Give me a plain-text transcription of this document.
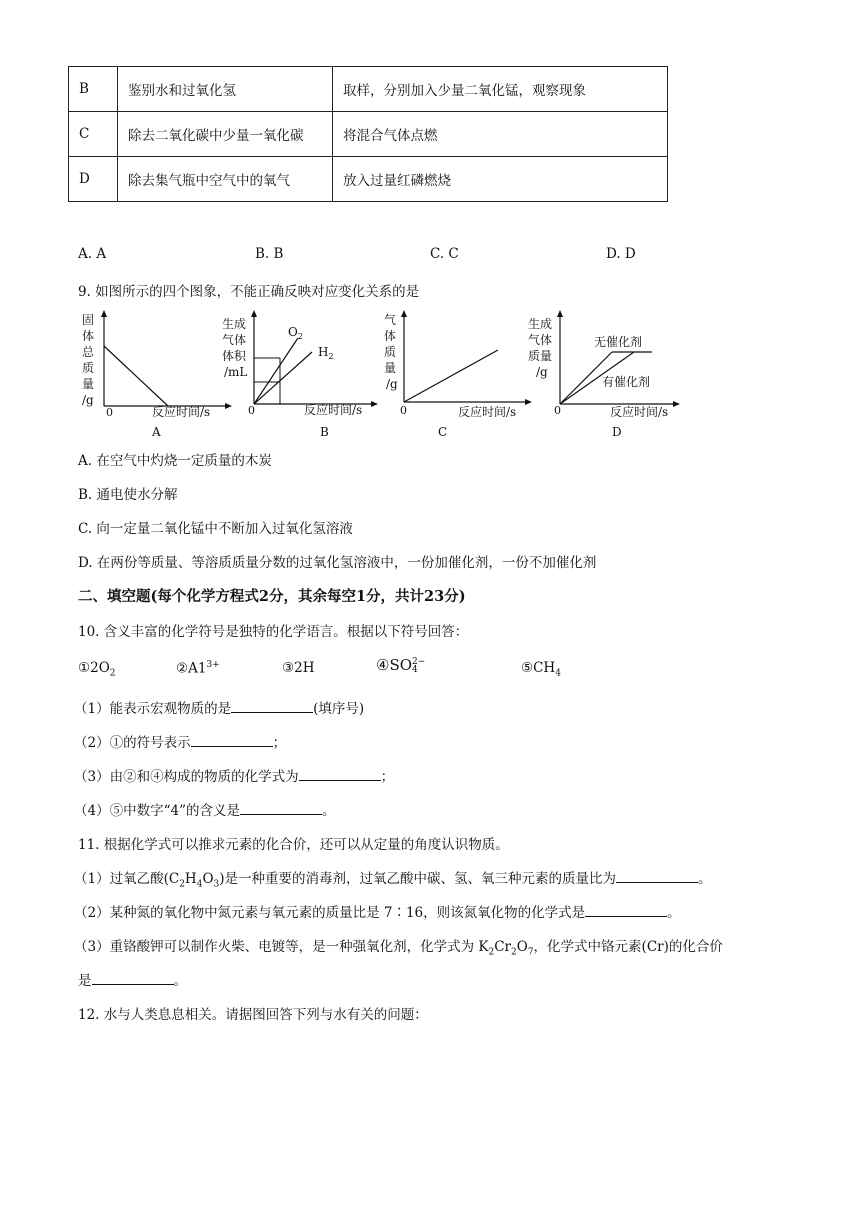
B	鉴别水和过氧化氢	取样，分别加入少量二氧化锰，观察现象
C	除去二氧化碳中少量一氧化碳	将混合气体点燃
D	除去集气瓶中空气中的氧气	放入过量红磷燃烧
A. A	B. B	C. C	D. D
9. 如图所示的四个图象，不能正确反映对应变化关系的是
固
体
总
质
量
/g
0	反应时间/s
A
生成
气体
体积
/mL
$O_2$
$H_2$
0	反应时间/s
B
气
体
质
量
/g
0	反应时间/s
C
生成
气体
质量
/g
无催化剂
有催化剂
0	反应时间/s
D
A. 在空气中灼烧一定质量的木炭
B. 通电使水分解
C. 向一定量二氧化锰中不断加入过氧化氢溶液
D. 在两份等质量、等溶质质量分数的过氧化氢溶液中，一份加催化剂，一份不加催化剂
二、填空题(每个化学方程式2分，其余每空1分，共计23分)
10. 含义丰富的化学符号是独特的化学语言。根据以下符号回答：
$①2O_2$	$②A1^{3+}$	③2H	④SO 2−
4	$⑤CH_4$
（1）能表示宏观物质的是	(填序号)
（2）①的符号表示	；
（3）由②和④构成的物质的化学式为	；
（4）⑤中数字“4”的含义是	。
11. 根据化学式可以推求元素的化合价，还可以从定量的角度认识物质。
（1）过氧乙酸$(C_2H_4O_3)$是一种重要的消毒剂，过氧乙酸中碳、氢、氧三种元素的质量比为	。
（2）某种氮的氧化物中氮元素与氧元素的质量比是 7∶16，则该氮氧化物的化学式是	。
（3）重铬酸钾可以制作火柴、电镀等，是一种强氧化剂，化学式为 $K_2Cr_2O_7$，化学式中铬元素(Cr)的化合价
是	。
12. 水与人类息息相关。请据图回答下列与水有关的问题：
